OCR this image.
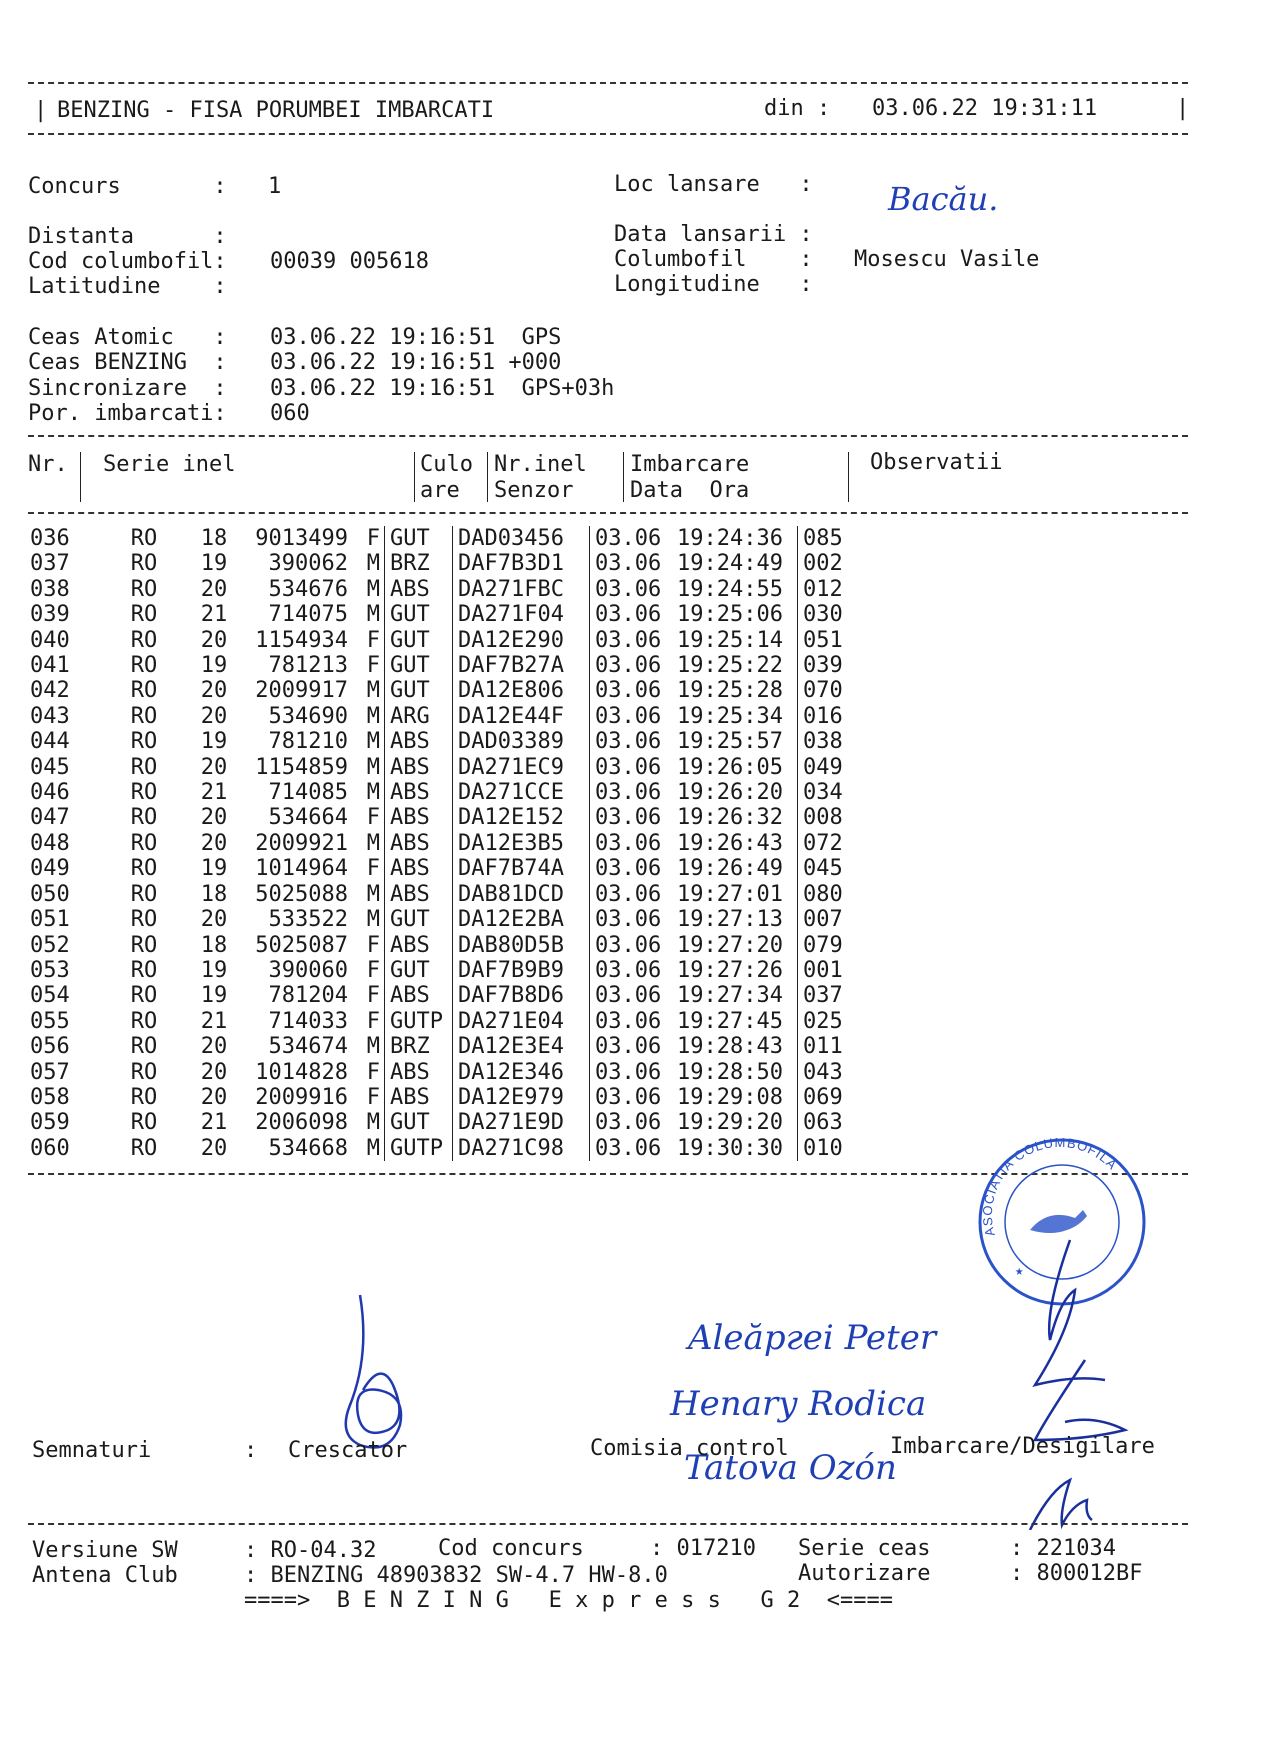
| BENZING - FISA PORUMBEI IMBARCATI	din : 03.06.22 19:31:11	|
Concurs       : 1	Loc lansare   : Bacău.
Distanta      :	Data lansarii :
Cod columbofil: 00039 005618	Columbofil    : Mosescu Vasile
Latitudine    :	Longitudine   :
Ceas Atomic   : 03.06.22 19:16:51  GPS
Ceas BENZING  : 03.06.22 19:16:51 +000
Sincronizare  : 03.06.22 19:16:51  GPS+03h
Por. imbarcati: 060
Nr. Serie inel	Culo
are
Nr.inel
Senzor
Imbarcare
Data  Ora
Observatii
036	RO	18	9013499	F	GUT	DAD03456	03.06	19:24:36	085
037	RO	19	390062	M	BRZ	DAF7B3D1	03.06	19:24:49	002
038	RO	20	534676	M	ABS	DA271FBC	03.06	19:24:55	012
039	RO	21	714075	M	GUT	DA271F04	03.06	19:25:06	030
040	RO	20	1154934	F	GUT	DA12E290	03.06	19:25:14	051
041	RO	19	781213	F	GUT	DAF7B27A	03.06	19:25:22	039
042	RO	20	2009917	M	GUT	DA12E806	03.06	19:25:28	070
043	RO	20	534690	M	ARG	DA12E44F	03.06	19:25:34	016
044	RO	19	781210	M	ABS	DAD03389	03.06	19:25:57	038
045	RO	20	1154859	M	ABS	DA271EC9	03.06	19:26:05	049
046	RO	21	714085	M	ABS	DA271CCE	03.06	19:26:20	034
047	RO	20	534664	F	ABS	DA12E152	03.06	19:26:32	008
048	RO	20	2009921	M	ABS	DA12E3B5	03.06	19:26:43	072
049	RO	19	1014964	F	ABS	DAF7B74A	03.06	19:26:49	045
050	RO	18	5025088	M	ABS	DAB81DCD	03.06	19:27:01	080
051	RO	20	533522	M	GUT	DA12E2BA	03.06	19:27:13	007
052	RO	18	5025087	F	ABS	DAB80D5B	03.06	19:27:20	079
053	RO	19	390060	F	GUT	DAF7B9B9	03.06	19:27:26	001
054	RO	19	781204	F	ABS	DAF7B8D6	03.06	19:27:34	037
055	RO	21	714033	F	GUTP	DA271E04	03.06	19:27:45	025
056	RO	20	534674	M	BRZ	DA12E3E4	03.06	19:28:43	011
057	RO	20	1014828	F	ABS	DA12E346	03.06	19:28:50	043
058	RO	20	2009916	F	ABS	DA12E979	03.06	19:29:08	069
059	RO	21	2006098	M	GUT	DA271E9D	03.06	19:29:20	063
060	RO	20	534668	M	GUTP	DA271C98	03.06	19:30:30	010
ASOCIATIA COLUMBOFILA
★
Aleăргei Peter
Henary Rodica
Tatova Ozón
Semnaturi	: Crescator	Comisia control	Imbarcare/Desigilare
Versiune SW	: RO-04.32	Cod concurs	: 017210 Serie ceas	: 221034
Antena Club	: BENZING 48903832 SW-4.7 HW-8.0	Autorizare	: 800012BF
====>  B E N Z I N G   E x p r e s s   G 2  <====
